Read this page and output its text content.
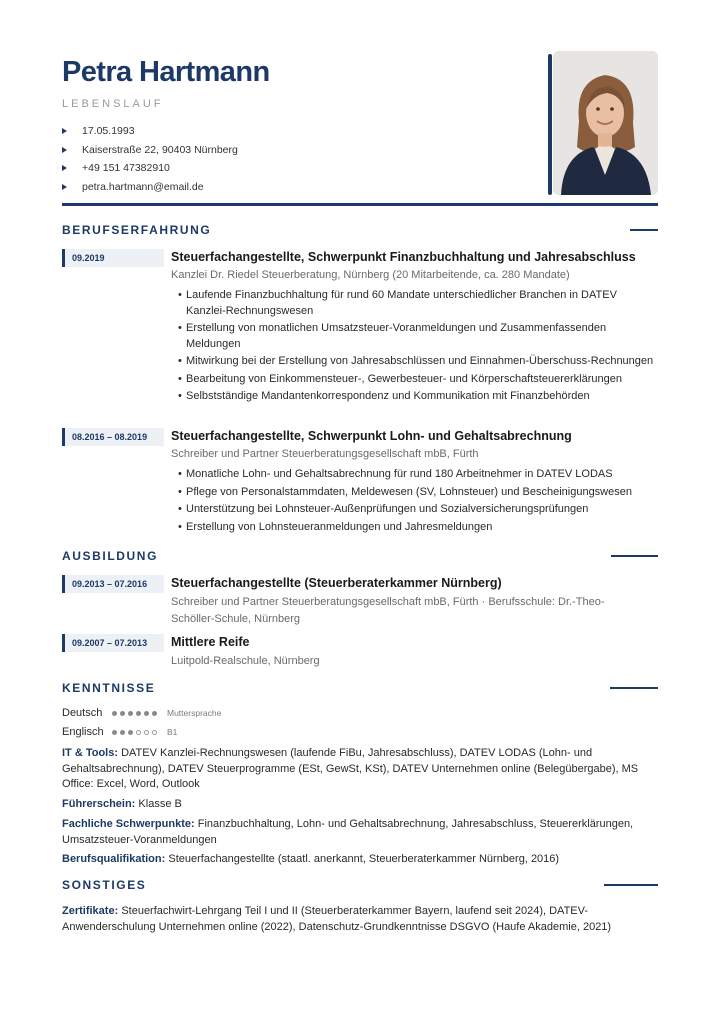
Petra Hartmann
LEBENSLAUF
17.05.1993
Kaiserstraße 22, 90403 Nürnberg
+49 151 47382910
petra.hartmann@email.de
BERUFSERFAHRUNG
09.2019	Steuerfachangestellte, Schwerpunkt Finanzbuchhaltung und Jahresabschluss
Kanzlei Dr. Riedel Steuerberatung, Nürnberg (20 Mitarbeitende, ca. 280 Mandate)
• Laufende Finanzbuchhaltung für rund 60 Mandate unterschiedlicher Branchen in DATEV Kanzlei-Rechnungswesen
• Erstellung von monatlichen Umsatzsteuer-Voranmeldungen und Zusammenfassenden Meldungen
• Mitwirkung bei der Erstellung von Jahresabschlüssen und Einnahmen-Überschuss-Rechnungen
• Bearbeitung von Einkommensteuer-, Gewerbesteuer- und Körperschaftsteuererklärungen
• Selbstständige Mandantenkorrespondenz und Kommunikation mit Finanzbehörden
08.2016 – 08.2019	Steuerfachangestellte, Schwerpunkt Lohn- und Gehaltsabrechnung
Schreiber und Partner Steuerberatungsgesellschaft mbB, Fürth
• Monatliche Lohn- und Gehaltsabrechnung für rund 180 Arbeitnehmer in DATEV LODAS
• Pflege von Personalstammdaten, Meldewesen (SV, Lohnsteuer) und Bescheinigungswesen
• Unterstützung bei Lohnsteuer-Außenprüfungen und Sozialversicherungsprüfungen
• Erstellung von Lohnsteueranmeldungen und Jahresmeldungen
AUSBILDUNG
09.2013 – 07.2016	Steuerfachangestellte (Steuerberaterkammer Nürnberg)
Schreiber und Partner Steuerberatungsgesellschaft mbB, Fürth · Berufsschule: Dr.-Theo-Schöller-Schule, Nürnberg
09.2007 – 07.2013	Mittlere Reife
Luitpold-Realschule, Nürnberg
KENNTNISSE
Deutsch	Muttersprache
Englisch	B1
IT & Tools: DATEV Kanzlei-Rechnungswesen (laufende FiBu, Jahresabschluss), DATEV LODAS (Lohn- und Gehaltsabrechnung), DATEV Steuerprogramme (ESt, GewSt, KSt), DATEV Unternehmen online (Belegübergabe), MS Office: Excel, Word, Outlook
Führerschein: Klasse B
Fachliche Schwerpunkte: Finanzbuchhaltung, Lohn- und Gehaltsabrechnung, Jahresabschluss, Steuererklärungen, Umsatzsteuer-Voranmeldungen
Berufsqualifikation: Steuerfachangestellte (staatl. anerkannt, Steuerberaterkammer Nürnberg, 2016)
SONSTIGES
Zertifikate: Steuerfachwirt-Lehrgang Teil I und II (Steuerberaterkammer Bayern, laufend seit 2024), DATEV-Anwenderschulung Unternehmen online (2022), Datenschutz-Grundkenntnisse DSGVO (Haufe Akademie, 2021)
